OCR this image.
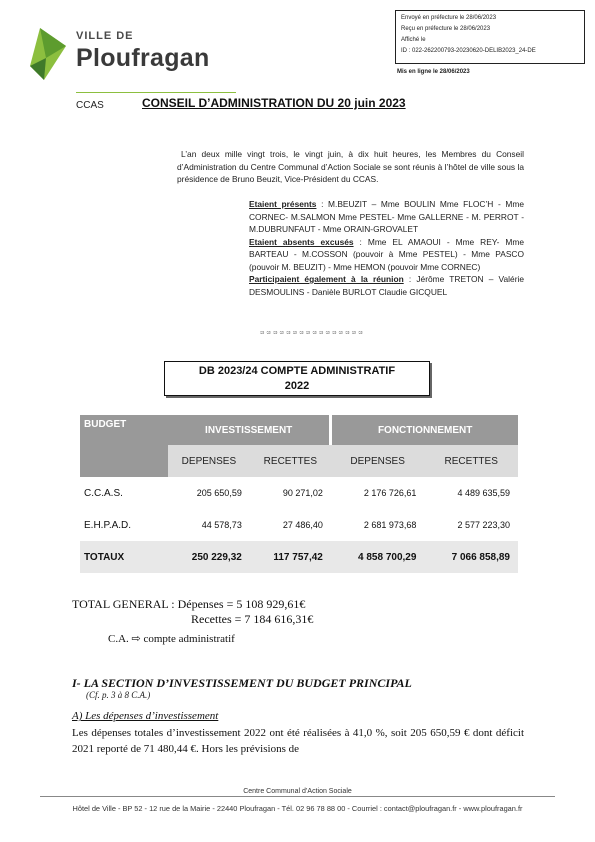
VILLE DE
Ploufragan
Envoyé en préfecture le 28/06/2023
Reçu en préfecture le 28/06/2023
Affiché le
ID : 022-262200793-20230620-DELIB2023_24-DE
Mis en ligne le 28/06/2023
CCAS	CONSEIL D’ADMINISTRATION DU 20 juin 2023
L’an deux mille vingt trois, le vingt juin, à dix huit heures, les Membres du Conseil d’Administration du Centre Communal d’Action Sociale se sont réunis à l’hôtel de ville sous la présidence de Bruno Beuzit, Vice-Président du CCAS.
Etaient présents : M.BEUZIT – Mme BOULIN Mme FLOC’H - Mme CORNEC- M.SALMON Mme PESTEL- Mme GALLERNE - M. PERROT - M.DUBRUNFAUT - Mme ORAIN-GROVALET
Etaient absents excusés : Mme EL AMAOUI - Mme REY- Mme BARTEAU - M.COSSON (pouvoir à Mme PESTEL) - Mme PASCO (pouvoir M. BEUZIT) - Mme HEMON (pouvoir Mme CORNEC)
Participaient également à la réunion : Jérôme TRETON – Valérie DESMOULINS - Danièle BURLOT Claudie GICQUEL
ශ ශ ශ ශ ශ ශ ශ ශ ශ ශ ශ ශ ශ ශ ශ ශ
DB 2023/24 COMPTE ADMINISTRATIF
2022
BUDGET	INVESTISSEMENT		FONCTIONNEMENT	
	DEPENSES	RECETTES	DEPENSES	RECETTES
C.C.A.S.	205 650,59	90 271,02	2 176 726,61	4 489 635,59
E.H.P.A.D.	44 578,73	27 486,40	2 681 973,68	2 577 223,30
TOTAUX	250 229,32	117 757,42	4 858 700,29	7 066 858,89
TOTAL GENERAL : Dépenses = 5 108 929,61€
Recettes = 7 184 616,31€
C.A. ⇨ compte administratif
I- LA SECTION D’INVESTISSEMENT DU BUDGET PRINCIPAL
(Cf. p. 3 à 8 C.A.)
A) Les dépenses d’investissement
Les dépenses totales d’investissement 2022 ont été réalisées à 41,0 %, soit 205 650,59 € dont déficit 2021 reporté de 71 480,44 €. Hors les prévisions de
Centre Communal d’Action Sociale
Hôtel de Ville - BP 52 - 12 rue de la Mairie - 22440 Ploufragan - Tél. 02 96 78 88 00 - Courriel : contact@ploufragan.fr - www.ploufragan.fr
